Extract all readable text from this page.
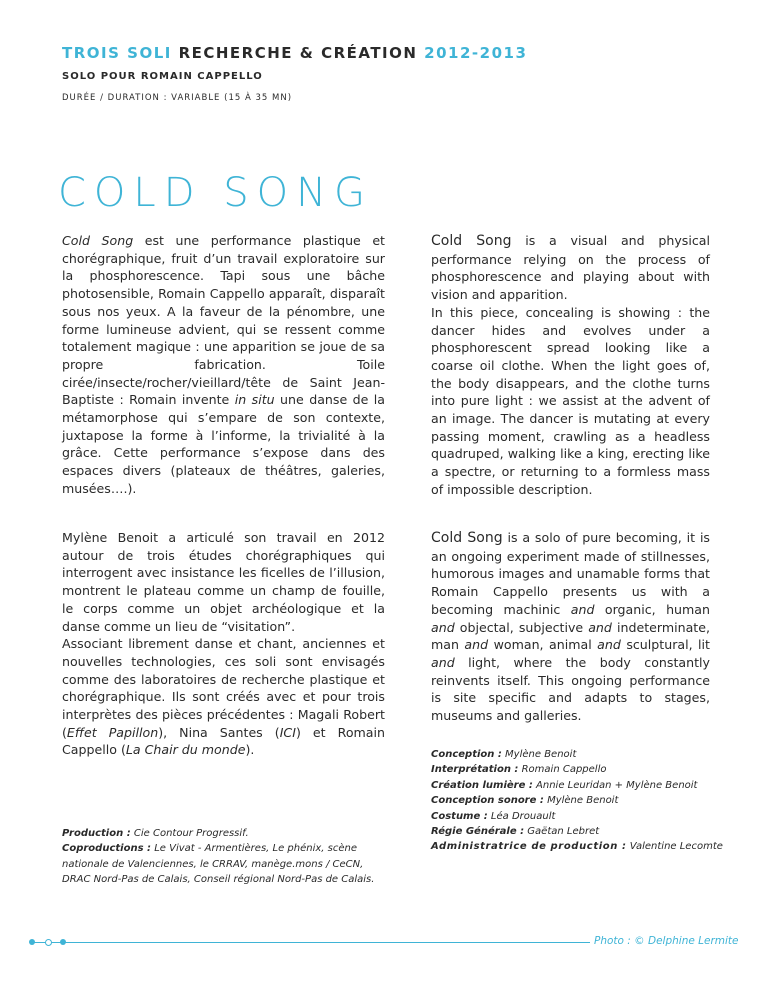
TROIS SOLI RECHERCHE & CRÉATION 2012-2013
SOLO POUR ROMAIN CAPPELLO
DURÉE / DURATION : VARIABLE (15 À 35 MN)
COLD SONG

Cold Song est une performance plastique et chorégraphique, fruit d’un travail exploratoire sur la phosphorescence. Tapi sous une bâche photosensible, Romain Cappello apparaît, disparaît sous nos yeux. A la faveur de la pénombre, une forme lumineuse advient, qui se ressent comme totalement magique : une apparition se joue de sa propre fabrication. Toile cirée/insecte/rocher/vieillard/tête de Saint Jean-Baptiste : Romain invente in situ une danse de la métamorphose qui s’empare de son contexte, juxtapose la forme à l’informe, la trivialité à la grâce. Cette performance s’expose dans des espaces divers (plateaux de théâtres, galeries, musées….).

Mylène Benoit a articulé son travail en 2012 autour de trois études chorégraphiques qui interrogent avec insistance les ficelles de l’illusion, montrent le plateau comme un champ de fouille, le corps comme un objet archéologique et la danse comme un lieu de “visitation”.

Associant librement danse et chant, anciennes et nouvelles technologies, ces soli sont envisagés comme des laboratoires de recherche plastique et chorégraphique. Ils sont créés avec et pour trois interprètes des pièces précédentes : Magali Robert (Effet Papillon), Nina Santes (ICI) et Romain Cappello (La Chair du monde).

Cold Song is a visual and physical performance relying on the process of phosphorescence and playing about with vision and apparition.

In this piece, concealing is showing : the dancer hides and evolves under a phosphorescent spread looking like a coarse oil clothe. When the light goes of, the body disappears, and the clothe turns into pure light : we assist at the advent of an image. The dancer is mutating at every passing moment, crawling as a headless quadruped, walking like a king, erecting like a spectre, or returning to a formless mass of impossible description.

Cold Song is a solo of pure becoming, it is an ongoing experiment made of stillnesses, humorous images and unamable forms that Romain Cappello presents us with a becoming machinic and organic, human and objectal, subjective and indeterminate, man and woman, animal and sculptural, lit and light, where the body constantly reinvents itself. This ongoing performance is site specific and adapts to stages, museums and galleries.

Production : Cie Contour Progressif.
Coproductions : Le Vivat - Armentières, Le phénix, scène nationale de Valenciennes, le CRRAV, manège.mons / CeCN, DRAC Nord-Pas de Calais, Conseil régional Nord-Pas de Calais.
Conception : Mylène Benoit
Interprétation : Romain Cappello
Création lumière : Annie Leuridan + Mylène Benoit
Conception sonore : Mylène Benoit
Costume : Léa Drouault
Régie Générale : Gaëtan Lebret
Administratrice de production : Valentine Lecomte
Photo : © Delphine Lermite
